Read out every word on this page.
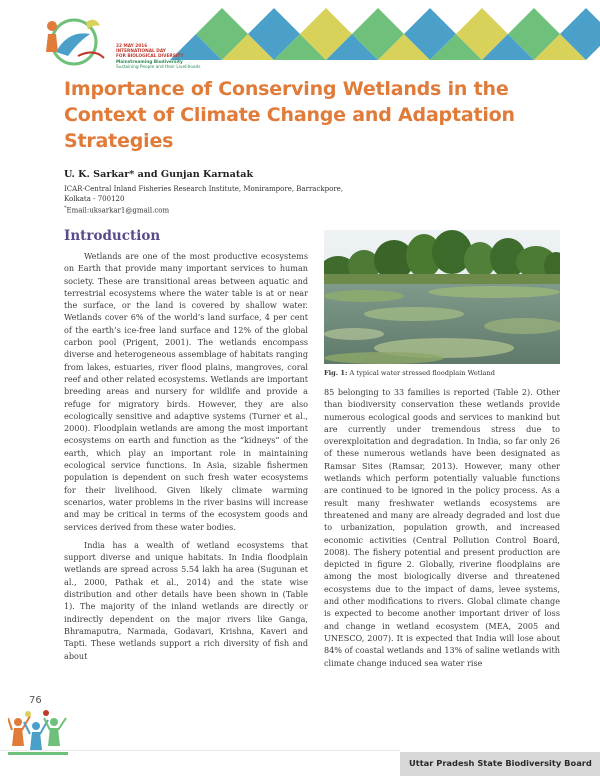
22 MAY 2016
INTERNATIONAL DAY
FOR BIOLOGICAL DIVERSITY
Mainstreaming Biodiversity
Sustaining People and their Livelihoods
Importance of Conserving Wetlands in the Context of Climate Change and Adaptation Strategies
U. K. Sarkar* and Gunjan Karnatak
ICAR-Central Inland Fisheries Research Institute, Monirampore, Barrackpore, Kolkata - 700120
*Email:uksarkar1@gmail.com
Introduction

Wetlands are one of the most productive ecosystems on Earth that provide many important services to human society. These are transitional areas between aquatic and terrestrial ecosystems where the water table is at or near the surface, or the land is covered by shallow water. Wetlands cover 6% of the world’s land surface, 4 per cent of the earth’s ice-free land surface and 12% of the global carbon pool (Prigent, 2001). The wetlands encompass diverse and heterogeneous assemblage of habitats ranging from lakes, estuaries, river flood plains, mangroves, coral reef and other related ecosystems. Wetlands are important breeding areas and nursery for wildlife and provide a refuge for migratory birds. However, they are also ecologically sensitive and adaptive systems (Turner et al., 2000). Floodplain wetlands are among the most important ecosystems on earth and function as the “kidneys” of the earth, which play an important role in maintaining ecological service functions. In Asia, sizable fishermen population is dependent on such fresh water ecosystems for their livelihood. Given likely climate warming scenarios, water problems in the river basins will increase and may be critical in terms of the ecosystem goods and services derived from these water bodies.

India has a wealth of wetland ecosystems that support diverse and unique habitats. In India floodplain wetlands are spread across 5.54 lakh ha area (Sugunan et al., 2000, Pathak et al., 2014) and the state wise distribution and other details have been shown in (Table 1). The majority of the inland wetlands are directly or indirectly dependent on the major rivers like Ganga, Bhramaputra, Narmada, Godavari, Krishna, Kaveri and Tapti. These wetlands support a rich diversity of fish and about

Fig. 1: A typical water stressed floodplain Wetland

85 belonging to 33 families is reported (Table 2). Other than biodiversity conservation these wetlands provide numerous ecological goods and services to mankind but are currently under tremendous stress due to overexploitation and degradation. In India, so far only 26 of these numerous wetlands have been designated as Ramsar Sites (Ramsar, 2013). However, many other wetlands which perform potentially valuable functions are continued to be ignored in the policy process. As a result many freshwater wetlands ecosystems are threatened and many are already degraded and lost due to urbanization, population growth, and increased economic activities (Central Pollution Control Board, 2008). The fishery potential and present production are depicted in figure 2. Globally, riverine floodplains are among the most biologically diverse and threatened ecosystems due to the impact of dams, levee systems, and other modifications to rivers. Global climate change is expected to become another important driver of loss and change in wetland ecosystem (MEA, 2005 and UNESCO, 2007). It is expected that India will lose about 84% of coastal wetlands and 13% of saline wetlands with climate change induced sea water rise

76
Uttar Pradesh State Biodiversity Board
